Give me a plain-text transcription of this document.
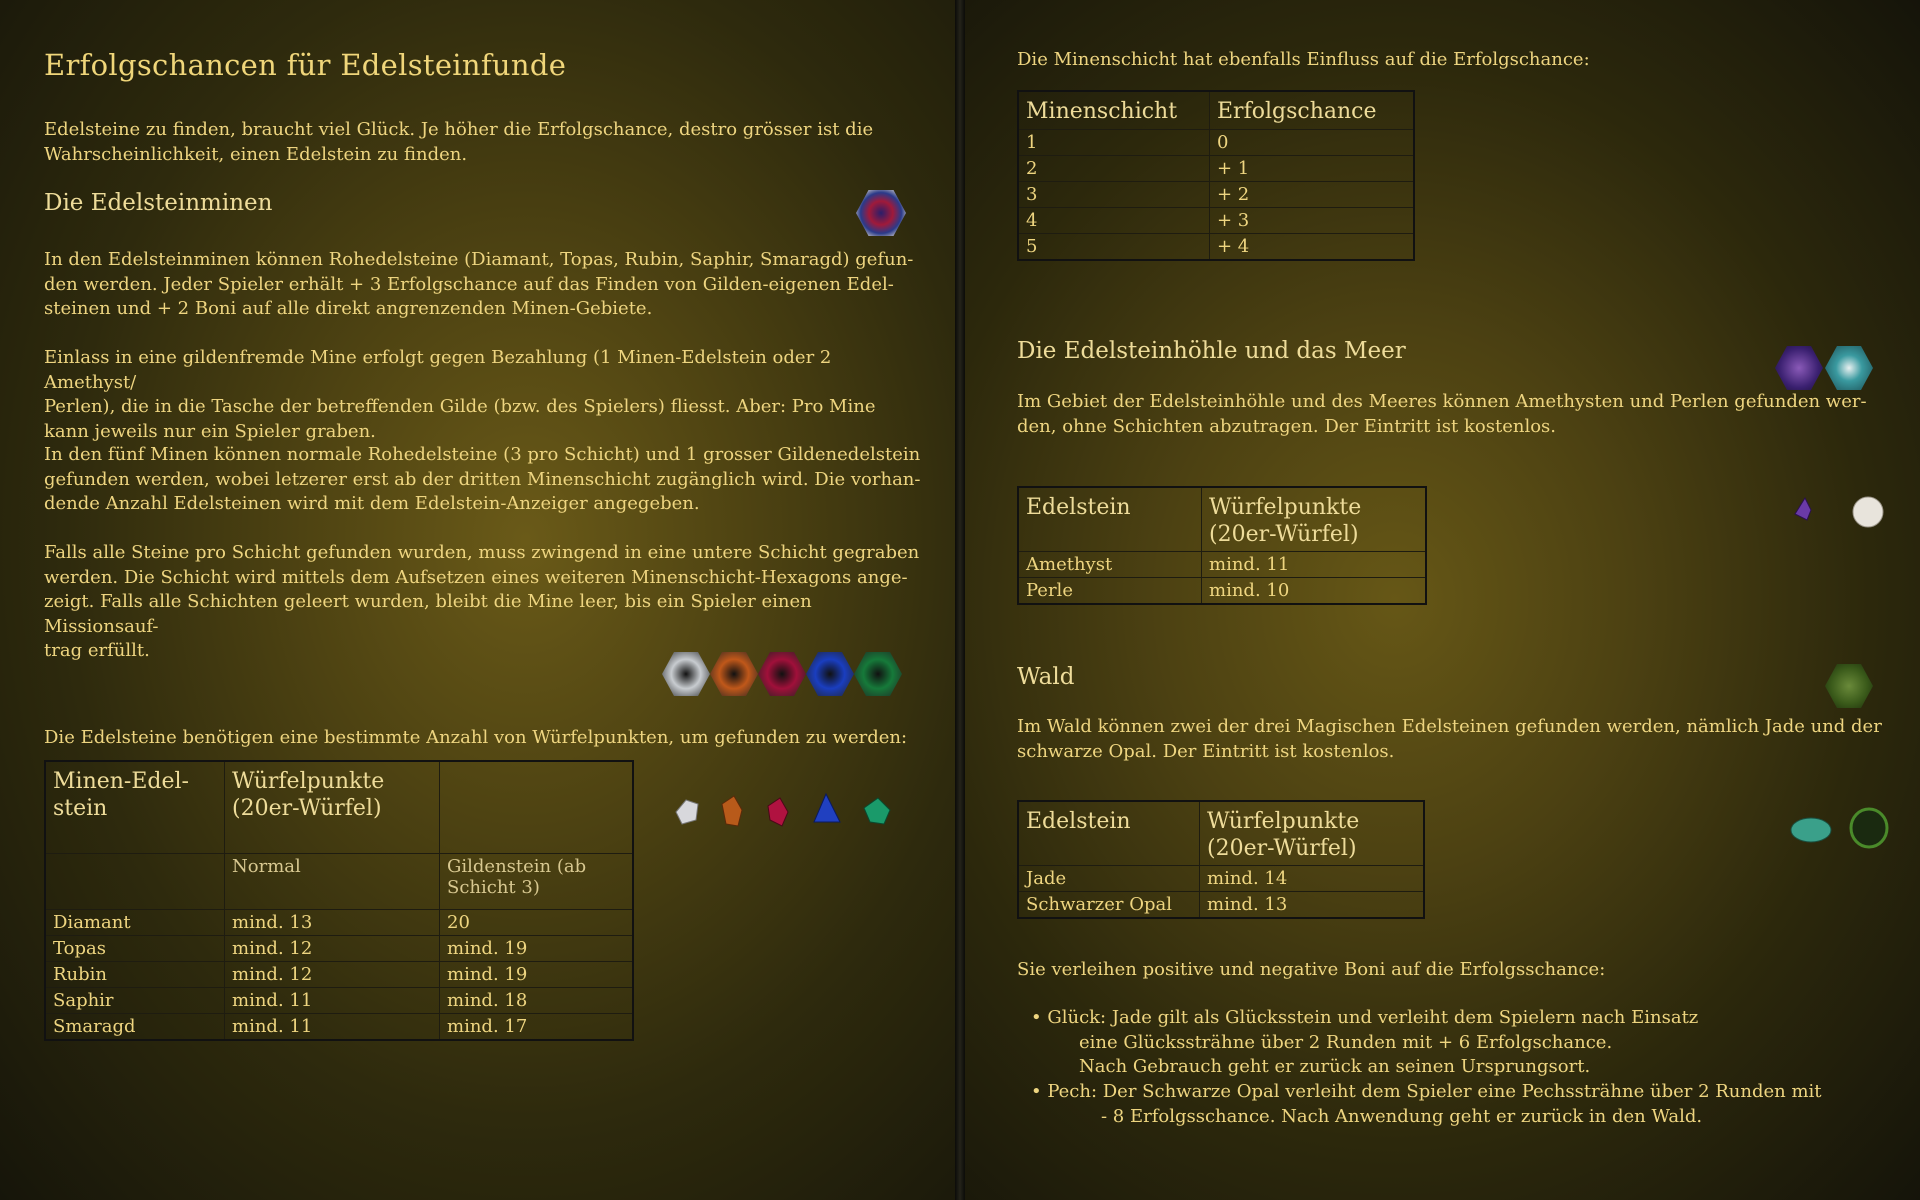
Erfolgschancen für Edelsteinfunde
Edelsteine zu finden, braucht viel Glück. Je höher die Erfolgschance, destro grösser ist die
Wahrscheinlichkeit, einen Edelstein zu finden.
Die Edelsteinminen
In den Edelsteinminen können Rohedelsteine (Diamant, Topas, Rubin, Saphir, Smaragd) gefun-
den werden. Jeder Spieler erhält + 3 Erfolgschance auf das Finden von Gilden-eigenen Edel-
steinen und + 2 Boni auf alle direkt angrenzenden Minen-Gebiete.
Einlass in eine gildenfremde Mine erfolgt gegen Bezahlung (1 Minen-Edelstein oder 2 Amethyst/
Perlen), die in die Tasche der betreffenden Gilde (bzw. des Spielers) fliesst. Aber: Pro Mine
kann jeweils nur ein Spieler graben.
In den fünf Minen können normale Rohedelsteine (3 pro Schicht) und 1 grosser Gildenedelstein
gefunden werden, wobei letzerer erst ab der dritten Minenschicht zugänglich wird. Die vorhan-
dende Anzahl Edelsteinen wird mit dem Edelstein-Anzeiger angegeben.
Falls alle Steine pro Schicht gefunden wurden, muss zwingend in eine untere Schicht gegraben
werden. Die Schicht wird mittels dem Aufsetzen eines weiteren Minenschicht-Hexagons ange-
zeigt. Falls alle Schichten geleert wurden, bleibt die Mine leer, bis ein Spieler einen Missionsauf-
trag erfüllt.
Die Edelsteine benötigen eine bestimmte Anzahl von Würfelpunkten, um gefunden zu werden:
Minen-Edel-stein	Würfelpunkte (20er-Würfel)	
	Normal	Gildenstein (ab Schicht 3)
Diamant	mind. 13	20
Topas	mind. 12	mind. 19
Rubin	mind. 12	mind. 19
Saphir	mind. 11	mind. 18
Smaragd	mind. 11	mind. 17
Die Minenschicht hat ebenfalls Einfluss auf die Erfolgschance:
Minenschicht	Erfolgschance
1	0
2	+ 1
3	+ 2
4	+ 3
5	+ 4
Die Edelsteinhöhle und das Meer
Im Gebiet der Edelsteinhöhle und des Meeres können Amethysten und Perlen gefunden wer-
den, ohne Schichten abzutragen. Der Eintritt ist kostenlos.
Edelstein	Würfelpunkte (20er-Würfel)
Amethyst	mind. 11
Perle	mind. 10
Wald
Im Wald können zwei der drei Magischen Edelsteinen gefunden werden, nämlich Jade und der
schwarze Opal. Der Eintritt ist kostenlos.
Edelstein	Würfelpunkte (20er-Würfel)
Jade	mind. 14
Schwarzer Opal	mind. 13
Sie verleihen positive und negative Boni auf die Erfolgsschance:
• Glück: Jade gilt als Glücksstein und verleiht dem Spielern nach Einsatz
eine Glückssträhne über 2 Runden mit + 6 Erfolgschance.
Nach Gebrauch geht er zurück an seinen Ursprungsort.
• Pech: Der Schwarze Opal verleiht dem Spieler eine Pechssträhne über 2 Runden mit
- 8 Erfolgsschance. Nach Anwendung geht er zurück in den Wald.
